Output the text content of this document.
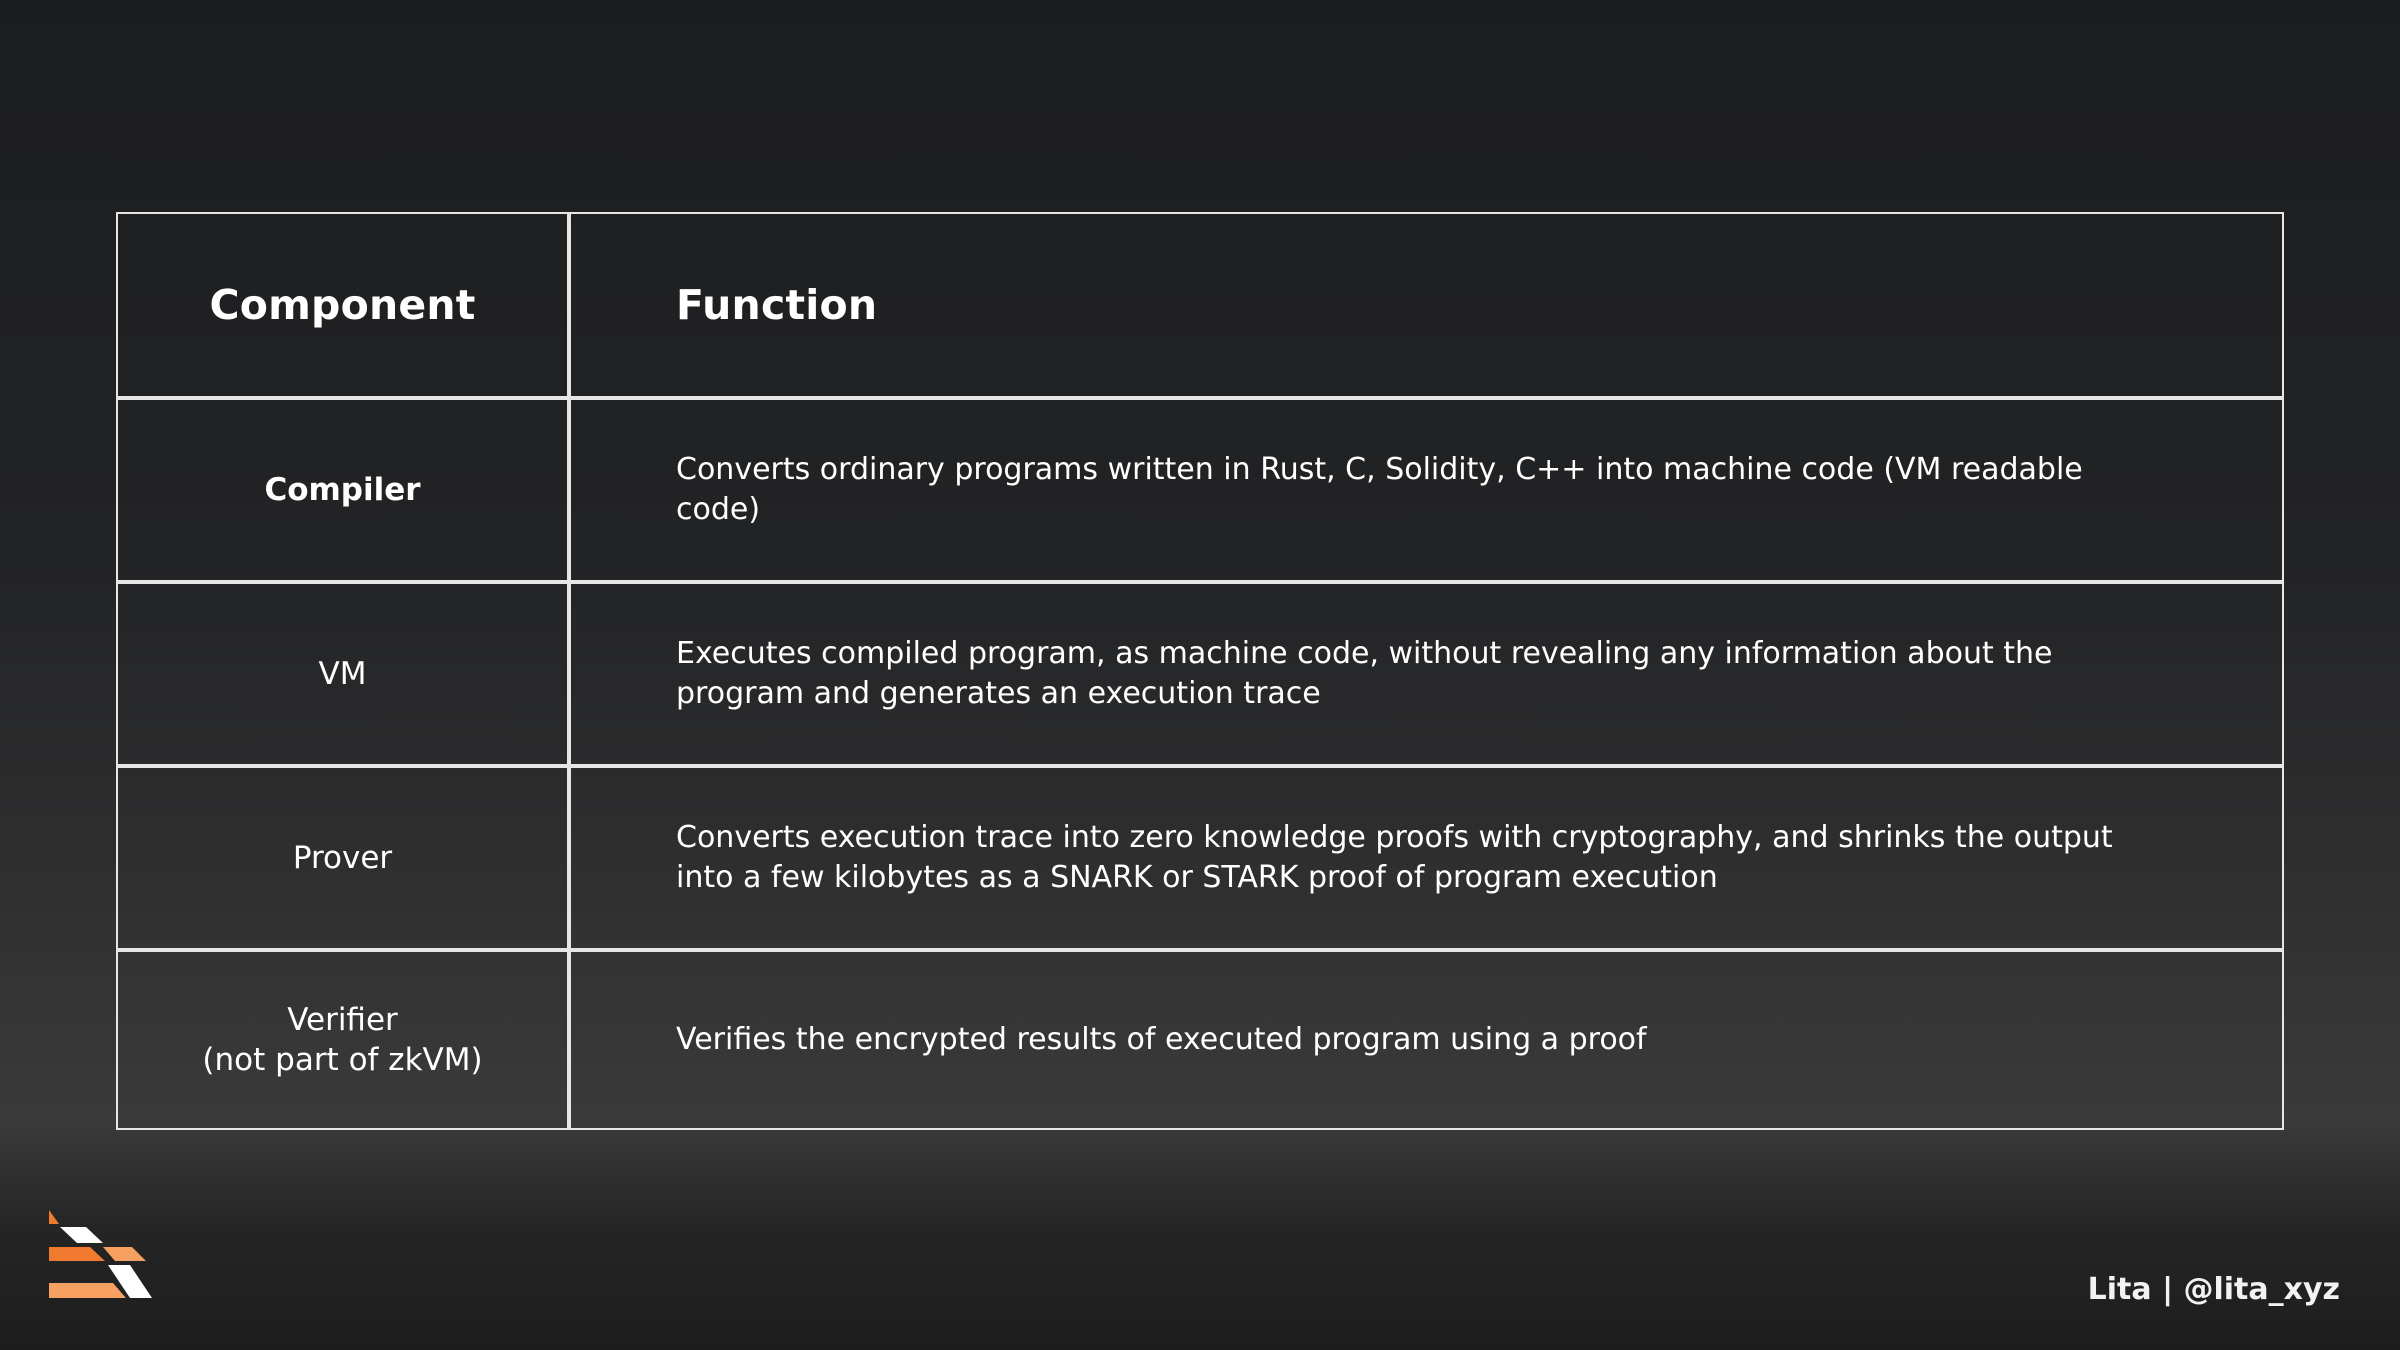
Component	Function
Compiler
Converts ordinary programs written in Rust, C, Solidity, C++ into machine code (VM readable code)
VM
Executes compiled program, as machine code, without revealing any information about the program and generates an execution trace
Prover
Converts execution trace into zero knowledge proofs with cryptography, and shrinks the output into a few kilobytes as a SNARK or STARK proof of program execution
Verifier
(not part of zkVM)
Verifies the encrypted results of executed program using a proof
Lita | @lita_xyz
